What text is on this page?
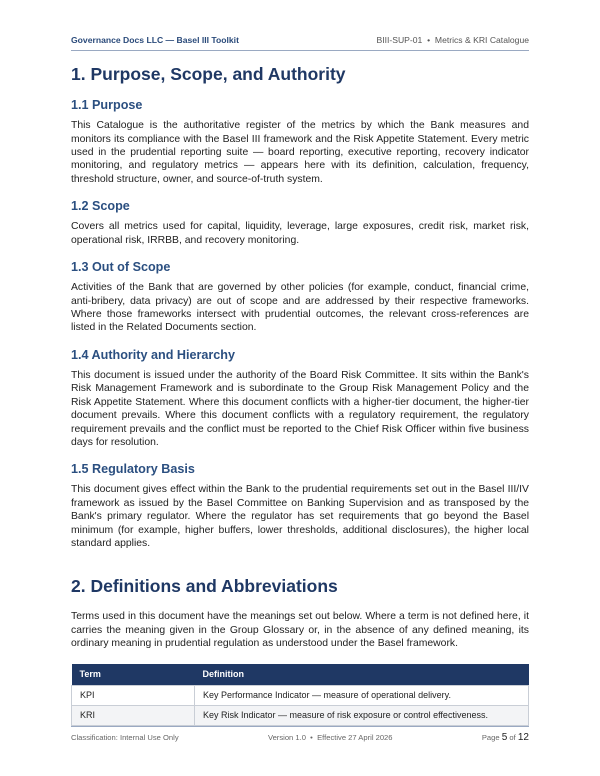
Governance Docs LLC — Basel III Toolkit	BIII-SUP-01 • Metrics & KRI Catalogue
1. Purpose, Scope, and Authority
1.1 Purpose

This Catalogue is the authoritative register of the metrics by which the Bank measures and monitors its compliance with the Basel III framework and the Risk Appetite Statement. Every metric used in the prudential reporting suite — board reporting, executive reporting, recovery indicator monitoring, and regulatory metrics — appears here with its definition, calculation, frequency, threshold structure, owner, and source-of-truth system.

1.2 Scope

Covers all metrics used for capital, liquidity, leverage, large exposures, credit risk, market risk, operational risk, IRRBB, and recovery monitoring.

1.3 Out of Scope

Activities of the Bank that are governed by other policies (for example, conduct, financial crime, anti-bribery, data privacy) are out of scope and are addressed by their respective frameworks. Where those frameworks intersect with prudential outcomes, the relevant cross-references are listed in the Related Documents section.

1.4 Authority and Hierarchy

This document is issued under the authority of the Board Risk Committee. It sits within the Bank's Risk Management Framework and is subordinate to the Group Risk Management Policy and the Risk Appetite Statement. Where this document conflicts with a higher-tier document, the higher-tier document prevails. Where this document conflicts with a regulatory requirement, the regulatory requirement prevails and the conflict must be reported to the Chief Risk Officer within five business days for resolution.

1.5 Regulatory Basis

This document gives effect within the Bank to the prudential requirements set out in the Basel III/IV framework as issued by the Basel Committee on Banking Supervision and as transposed by the Bank's primary regulator. Where the regulator has set requirements that go beyond the Basel minimum (for example, higher buffers, lower thresholds, additional disclosures), the higher local standard applies.

2. Definitions and Abbreviations

Terms used in this document have the meanings set out below. Where a term is not defined here, it carries the meaning given in the Group Glossary or, in the absence of any defined meaning, its ordinary meaning in prudential regulation as understood under the Basel framework.

Term	Definition
KPI	Key Performance Indicator — measure of operational delivery.
KRI	Key Risk Indicator — measure of risk exposure or control effectiveness.
Classification: Internal Use Only	Version 1.0 • Effective 27 April 2026	Page 5 of 12
